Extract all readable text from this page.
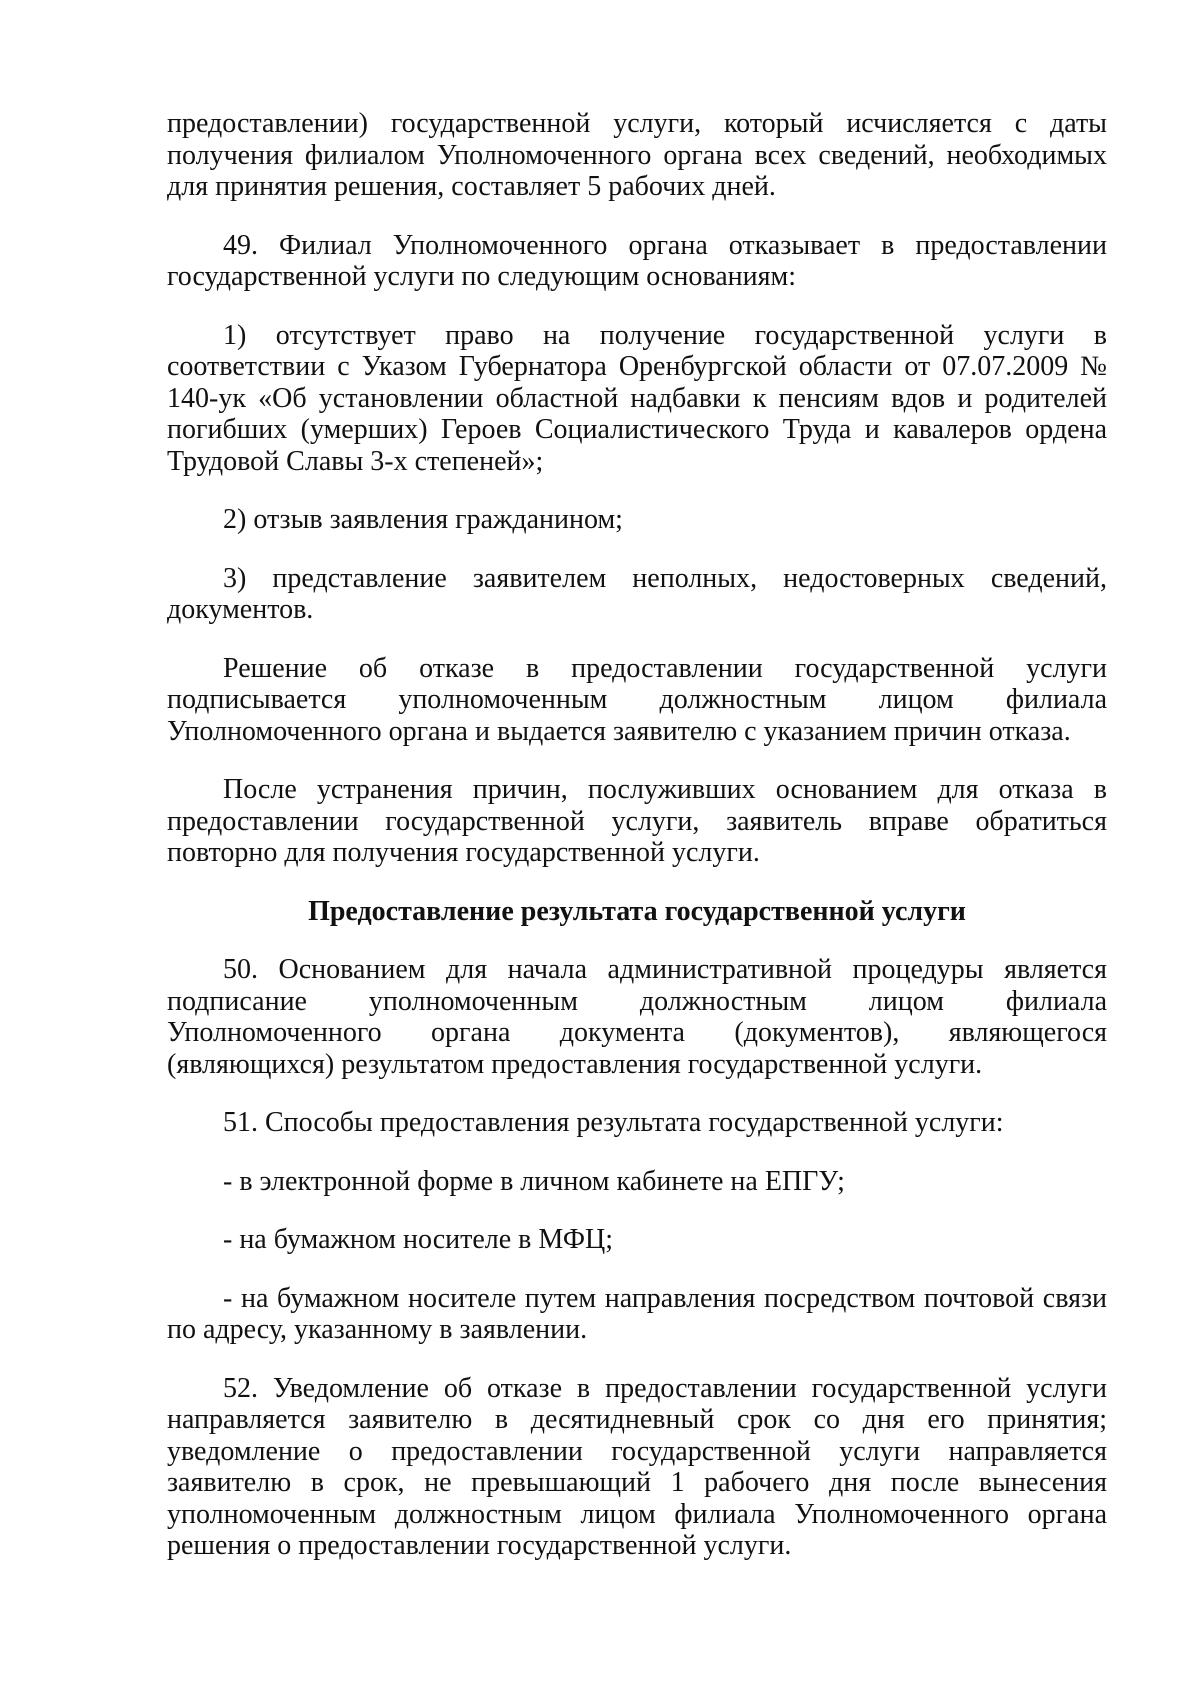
предоставлении) государственной услуги, который исчисляется с даты получения филиалом Уполномоченного органа всех сведений, необходимых для принятия решения, составляет 5 рабочих дней.

49. Филиал Уполномоченного органа отказывает в предоставлении государственной услуги по следующим основаниям:

1) отсутствует право на получение государственной услуги в соответствии с Указом Губернатора Оренбургской области от 07.07.2009 № 140-ук «Об установлении областной надбавки к пенсиям вдов и родителей погибших (умерших) Героев Социалистического Труда и кавалеров ордена Трудовой Славы 3-х степеней»;

2) отзыв заявления гражданином;

3) представление заявителем неполных, недостоверных сведений, документов.

Решение об отказе в предоставлении государственной услуги подписывается уполномоченным должностным лицом филиала Уполномоченного органа и выдается заявителю с указанием причин отказа.

После устранения причин, послуживших основанием для отказа в предоставлении государственной услуги, заявитель вправе обратиться повторно для получения государственной услуги.

Предоставление результата государственной услуги

50. Основанием для начала административной процедуры является подписание уполномоченным должностным лицом филиала Уполномоченного органа документа (документов), являющегося (являющихся) результатом предоставления государственной услуги.

51. Способы предоставления результата государственной услуги:

- в электронной форме в личном кабинете на ЕПГУ;

- на бумажном носителе в МФЦ;

- на бумажном носителе путем направления посредством почтовой связи по адресу, указанному в заявлении.

52. Уведомление об отказе в предоставлении государственной услуги направляется заявителю в десятидневный срок со дня его принятия; уведомление о предоставлении государственной услуги направляется заявителю в срок, не превышающий 1 рабочего дня после вынесения уполномоченным должностным лицом филиала Уполномоченного органа решения о предоставлении государственной услуги.
